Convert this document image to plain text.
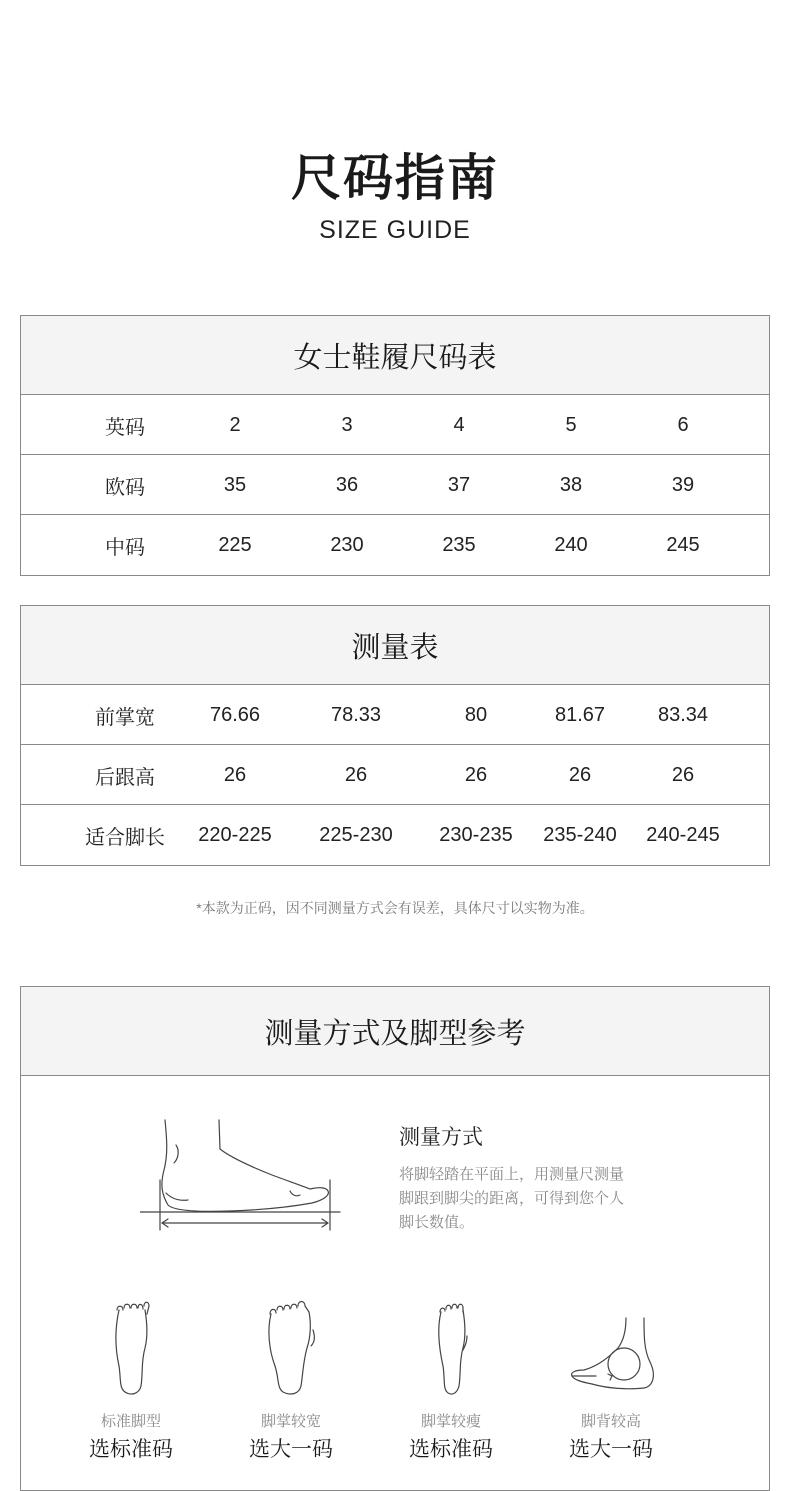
尺码指南
SIZE GUIDE
女士鞋履尺码表
英码	2	3	4	5	6
欧码	35	36	37	38	39
中码	225	230	235	240	245
测量表
前掌宽	76.66	78.33	80	81.67	83.34
后跟高	26	26	26	26	26
适合脚长	220-225	225-230	230-235	235-240	240-245
*本款为正码，因不同测量方式会有误差，具体尺寸以实物为准。
测量方式及脚型参考
测量方式
将脚轻踏在平面上，用测量尺测量
脚跟到脚尖的距离，可得到您个人
脚长数值。
标准脚型
选标准码
脚掌较宽
选大一码
脚掌较瘦
选标准码
脚背较高
选大一码
